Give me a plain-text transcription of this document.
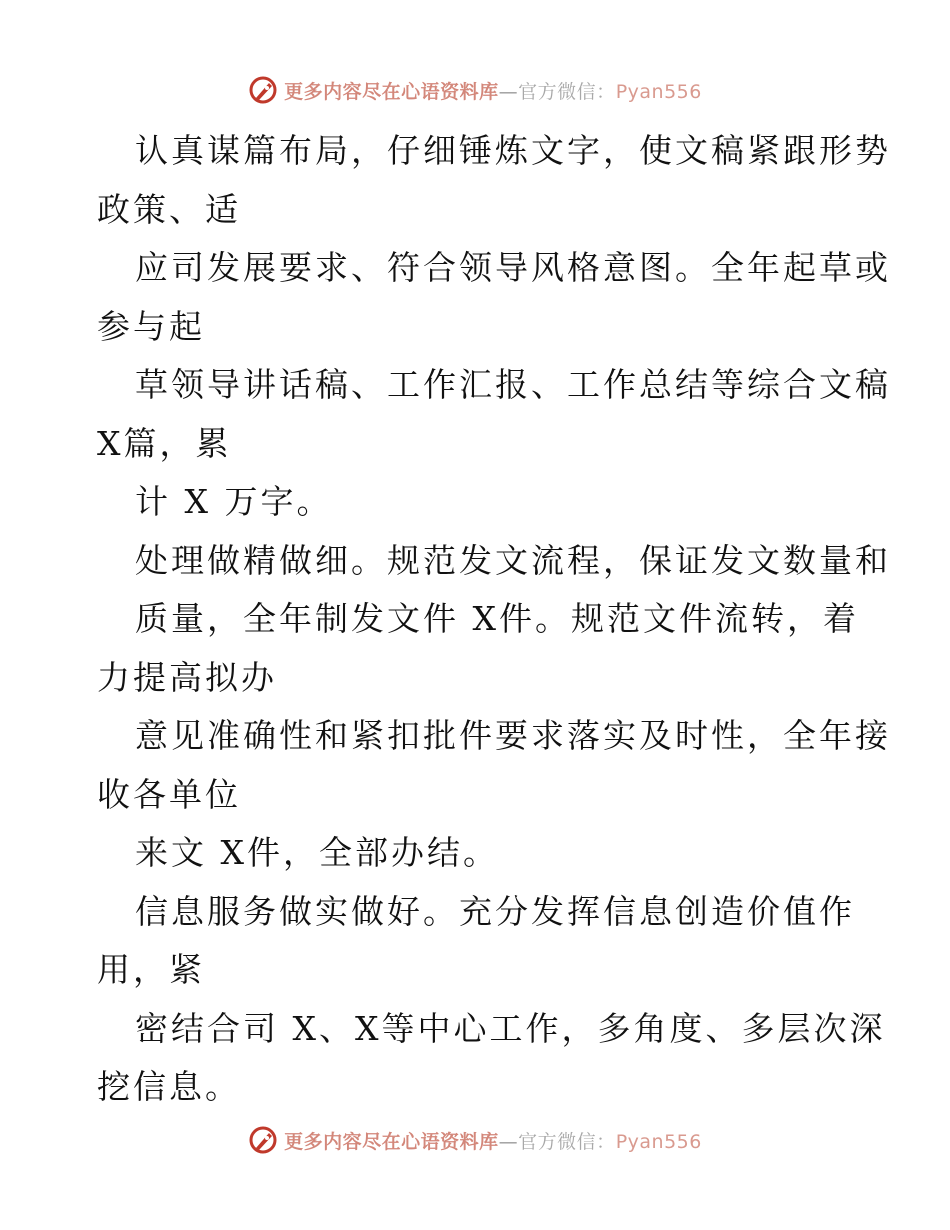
更多内容尽在心语资料库—官方微信：Pyan556
认真谋篇布局，仔细锤炼文字，使文稿紧跟形势
政策、适
应司发展要求、符合领导风格意图。全年起草或
参与起
草领导讲话稿、工作汇报、工作总结等综合文稿
X篇，累
计 X 万字。
处理做精做细。规范发文流程，保证发文数量和
质量，全年制发文件 X件。规范文件流转，着
力提高拟办
意见准确性和紧扣批件要求落实及时性，全年接
收各单位
来文 X件，全部办结。
信息服务做实做好。充分发挥信息创造价值作
用，紧
密结合司 X、X等中心工作，多角度、多层次深
挖信息。
更多内容尽在心语资料库—官方微信：Pyan556
